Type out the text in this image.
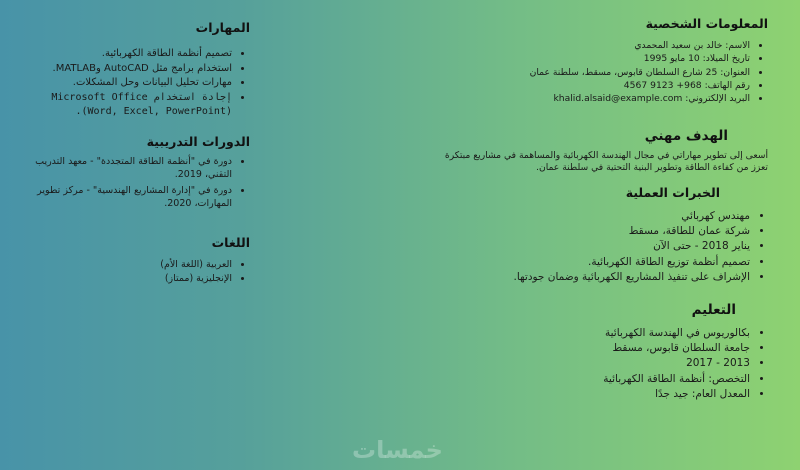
المعلومات الشخصية
• الاسم: خالد بن سعيد المحمدي
• تاريخ الميلاد: 10 مايو 1995
• العنوان: 25 شارع السلطان قابوس، مسقط، سلطنة عمان
• رقم الهاتف: 968+ 9123 4567
• البريد الإلكتروني: khalid.alsaid@example.com
الهدف مهني

أسعى إلى تطوير مهاراتي في مجال الهندسة الكهربائية والمساهمة في مشاريع مبتكرة تعزز من كفاءة الطاقة وتطوير البنية التحتية في سلطنة عمان.

الخبرات العملية
• مهندس كهربائي
• شركة عمان للطاقة، مسقط
• يناير 2018 - حتى الآن
• تصميم أنظمة توزيع الطاقة الكهربائية.
• الإشراف على تنفيذ المشاريع الكهربائية وضمان جودتها.
التعليم
• بكالوريوس في الهندسة الكهربائية
• جامعة السلطان قابوس، مسقط
• 2013 - 2017
• التخصص: أنظمة الطاقة الكهربائية
• المعدل العام: جيد جدًا
المهارات
• تصميم أنظمة الطاقة الكهربائية.
• استخدام برامج مثل AutoCAD وMATLAB.
• مهارات تحليل البيانات وحل المشكلات.
• إجادة استخدام Microsoft Office (Word, Excel, PowerPoint).
الدورات التدريبية
• دورة في "أنظمة الطاقة المتجددة" - معهد التدريب التقني، 2019.
• دورة في "إدارة المشاريع الهندسية" - مركز تطوير المهارات، 2020.
اللغات
• العربية (اللغة الأم)
• الإنجليزية (ممتاز)
خمسات
